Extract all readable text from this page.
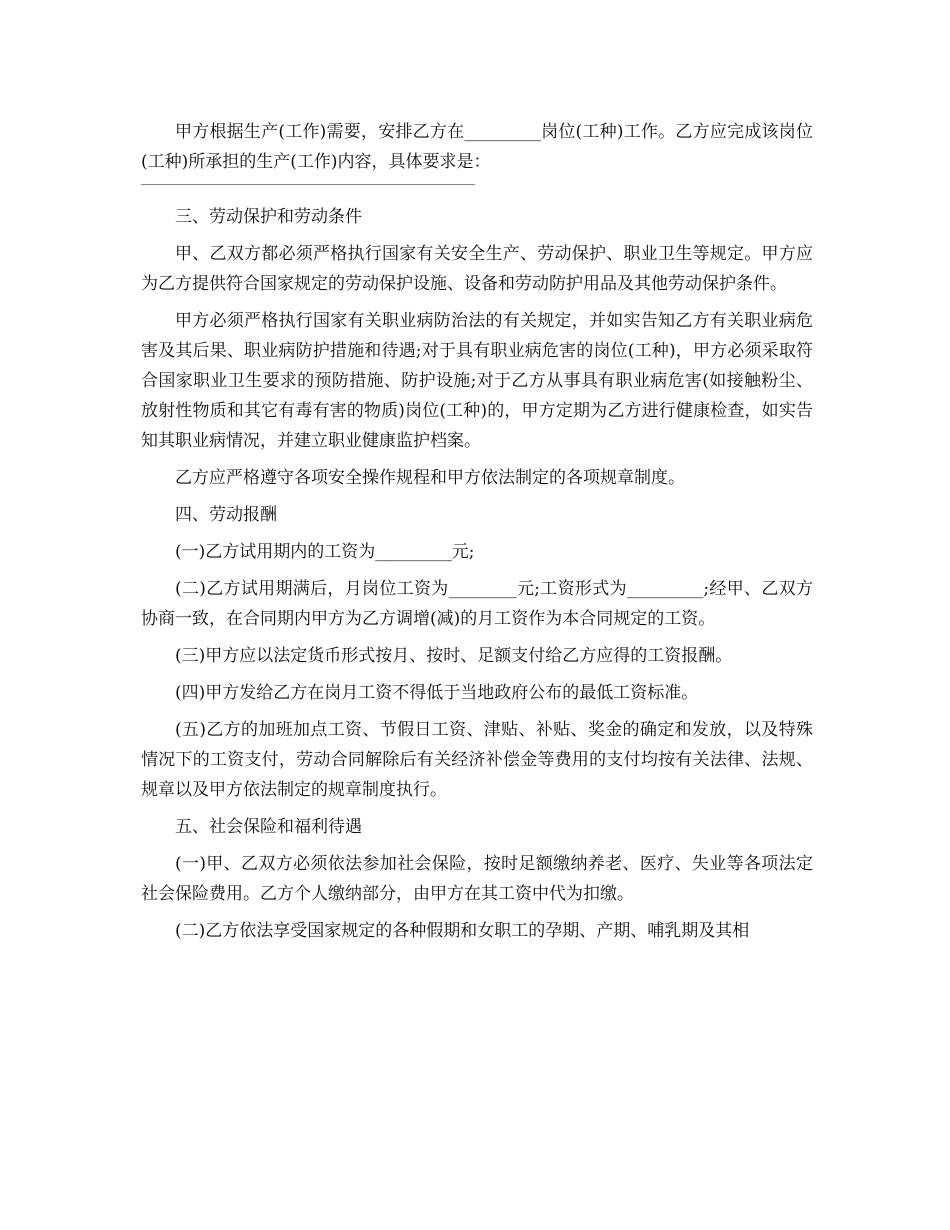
甲方根据生产(工作)需要，安排乙方在_________岗位(工种)工作。乙方应完成该岗位(工种)所承担的生产(工作)内容，具体要求是：

三、劳动保护和劳动条件

甲、乙双方都必须严格执行国家有关安全生产、劳动保护、职业卫生等规定。甲方应为乙方提供符合国家规定的劳动保护设施、设备和劳动防护用品及其他劳动保护条件。

甲方必须严格执行国家有关职业病防治法的有关规定，并如实告知乙方有关职业病危害及其后果、职业病防护措施和待遇;对于具有职业病危害的岗位(工种)，甲方必须采取符合国家职业卫生要求的预防措施、防护设施;对于乙方从事具有职业病危害(如接触粉尘、放射性物质和其它有毒有害的物质)岗位(工种)的，甲方定期为乙方进行健康检查，如实告知其职业病情况，并建立职业健康监护档案。

乙方应严格遵守各项安全操作规程和甲方依法制定的各项规章制度。

四、劳动报酬

(一)乙方试用期内的工资为_________元;

(二)乙方试用期满后，月岗位工资为________元;工资形式为_________;经甲、乙双方协商一致，在合同期内甲方为乙方调增(减)的月工资作为本合同规定的工资。

(三)甲方应以法定货币形式按月、按时、足额支付给乙方应得的工资报酬。

(四)甲方发给乙方在岗月工资不得低于当地政府公布的最低工资标准。

(五)乙方的加班加点工资、节假日工资、津贴、补贴、奖金的确定和发放，以及特殊情况下的工资支付，劳动合同解除后有关经济补偿金等费用的支付均按有关法律、法规、规章以及甲方依法制定的规章制度执行。

五、社会保险和福利待遇

(一)甲、乙双方必须依法参加社会保险，按时足额缴纳养老、医疗、失业等各项法定社会保险费用。乙方个人缴纳部分，由甲方在其工资中代为扣缴。

(二)乙方依法享受国家规定的各种假期和女职工的孕期、产期、哺乳期及其相
